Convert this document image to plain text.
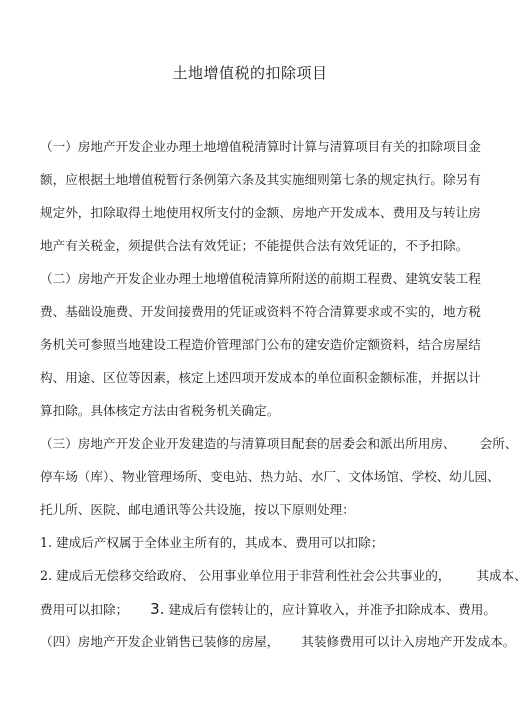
土地增值税的扣除项目
（一）房地产开发企业办理土地增值税清算时计算与清算项目有关的扣除项目金
额，应根据土地增值税暂行条例第六条及其实施细则第七条的规定执行。除另有
规定外，扣除取得土地使用权所支付的金额、房地产开发成本、费用及与转让房
地产有关税金，须提供合法有效凭证；不能提供合法有效凭证的，不予扣除。
（二）房地产开发企业办理土地增值税清算所附送的前期工程费、建筑安装工程
费、基础设施费、开发间接费用的凭证或资料不符合清算要求或不实的，地方税
务机关可参照当地建设工程造价管理部门公布的建安造价定额资料，结合房屋结
构、用途、区位等因素，核定上述四项开发成本的单位面积金额标准，并据以计
算扣除。具体核定方法由省税务机关确定。
（三）房地产开发企业开发建造的与清算项目配套的居委会和派出所用房、 会所、
停车场（库）、物业管理场所、变电站、热力站、水厂、文体场馆、学校、幼儿园、
托儿所、医院、邮电通讯等公共设施，按以下原则处理：
1. 建成后产权属于全体业主所有的，其成本、费用可以扣除；
2. 建成后无偿移交给政府、 公用事业单位用于非营利性社会公共事业的， 其成本、
费用可以扣除； 3. 建成后有偿转让的，应计算收入，并准予扣除成本、费用。
（四）房地产开发企业销售已装修的房屋， 其装修费用可以计入房地产开发成本。
